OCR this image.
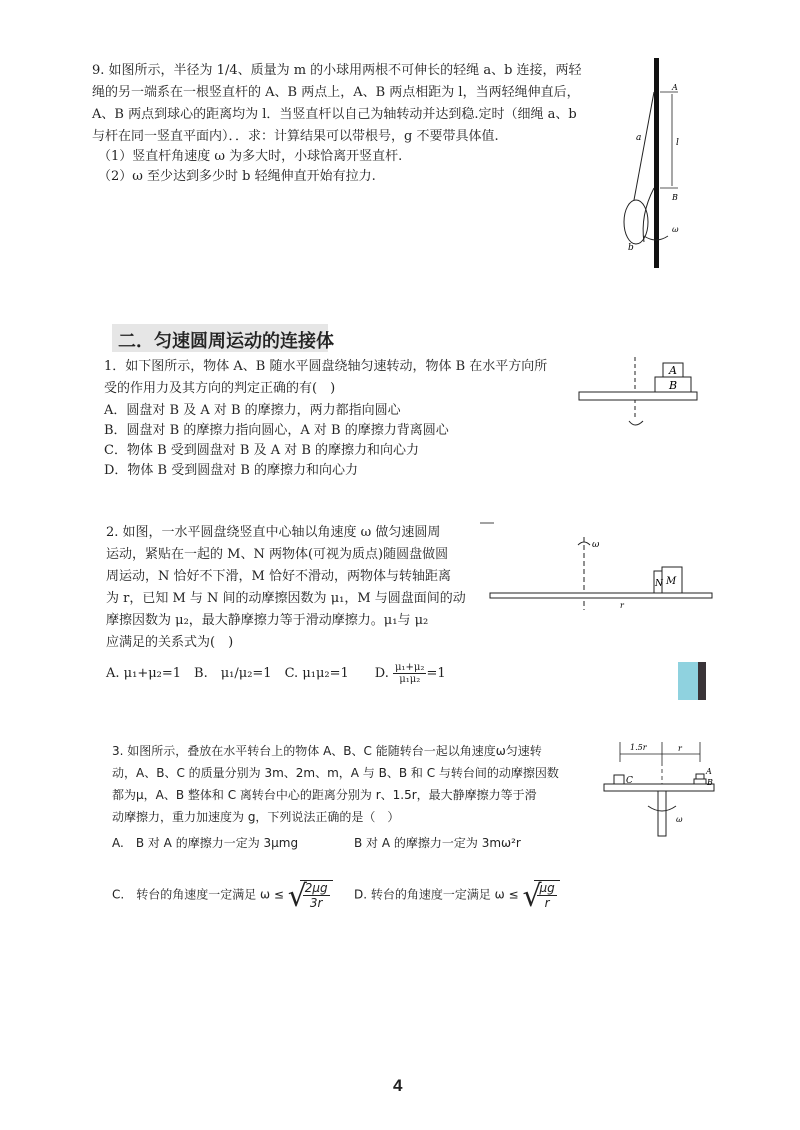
9. 如图所示，半径为 1/4、质量为 m 的小球用两根不可伸长的轻绳 a、b 连接，两轻
绳的另一端系在一根竖直杆的 A、B 两点上，A、B 两点相距为 l，当两轻绳伸直后，
A、B 两点到球心的距离均为 l．当竖直杆以自己为轴转动并达到稳.定时（细绳 a、b
与杆在同一竖直平面内）．．求：计算结果可以带根号，g 不要带具体值.
（1）竖直杆角速度 ω 为多大时，小球恰离开竖直杆.
（2）ω 至少达到多少时 b 轻绳伸直开始有拉力.
A
B
l
a
b
ω
二．匀速圆周运动的连接体
1．如下图所示，物体 A、B 随水平圆盘绕轴匀速转动，物体 B 在水平方向所
受的作用力及其方向的判定正确的有(　)
A．圆盘对 B 及 A 对 B 的摩擦力，两力都指向圆心
B．圆盘对 B 的摩擦力指向圆心，A 对 B 的摩擦力背离圆心
C．物体 B 受到圆盘对 B 及 A 对 B 的摩擦力和向心力
D．物体 B 受到圆盘对 B 的摩擦力和向心力
A
B
2. 如图，一水平圆盘绕竖直中心轴以角速度 ω 做匀速圆周
运动，紧贴在一起的 M、N 两物体(可视为质点)随圆盘做圆
周运动，N 恰好不下滑，M 恰好不滑动，两物体与转轴距离
为 r，已知 M 与 N 间的动摩擦因数为 μ₁，M 与圆盘面间的动
摩擦因数为 μ₂，最大静摩擦力等于滑动摩擦力。μ₁与 μ₂
应满足的关系式为(　)
A. μ₁+μ₂=1　B.　μ₁/μ₂=1　C. μ₁μ₂=1　　D. $\frac{\text{μ₁+μ₂}}{\text{μ₁μ₂}} =1$
ω
N M
r
3. 如图所示，叠放在水平转台上的物体 A、B、C 能随转台一起以角速度ω匀速转
动，A、B、C 的质量分别为 3m、2m、m，A 与 B、B 和 C 与转台间的动摩擦因数
都为μ，A、B 整体和 C 离转台中心的距离分别为 r、1.5r，最大静摩擦力等于滑
动摩擦力，重力加速度为 g，下列说法正确的是（　）
A.　B 对 A 的摩擦力一定为 3μmg	B 对 A 的摩擦力一定为 3mω²r
C.　转台的角速度一定满足 ω ≤ √
$\frac{2\mu g}{3r} D$. 转台的角速度一定满足 ω ≤ √
$\frac{\mu g}{r}$
1.5r	r
C
A
B
ω
4
